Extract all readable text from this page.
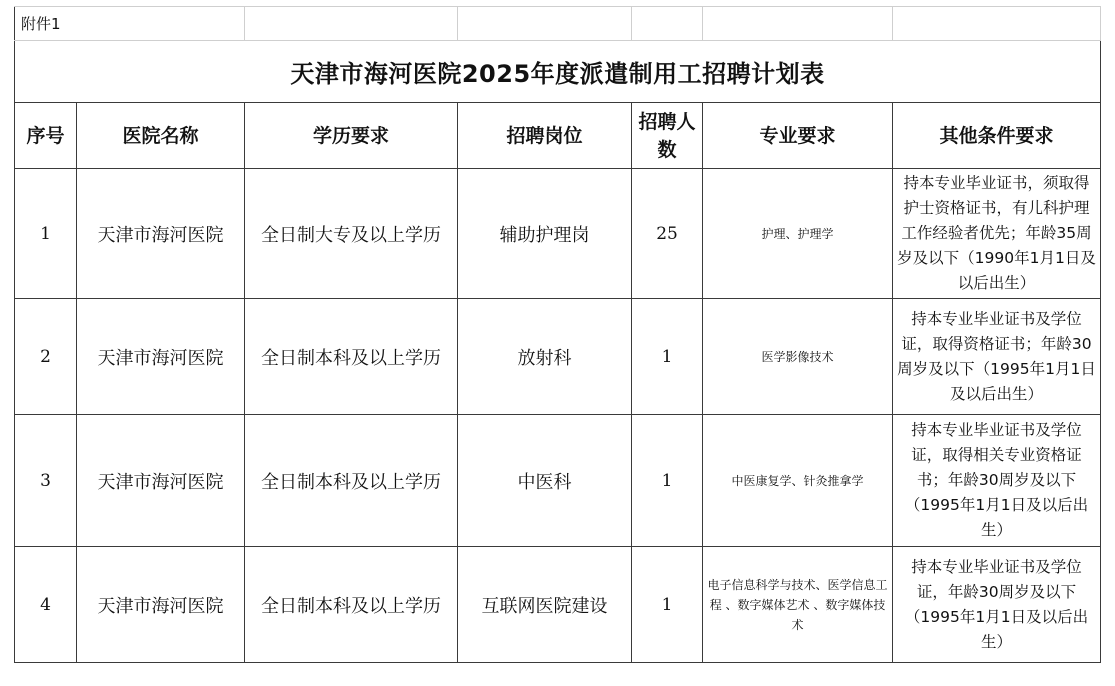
附件1						
天津市海河医院2025年度派遣制用工招聘计划表						
序号	医院名称	学历要求	招聘岗位	招聘人数	专业要求	其他条件要求
1	天津市海河医院	全日制大专及以上学历	辅助护理岗	25	护理、护理学	持本专业毕业证书，须取得护士资格证书，有儿科护理工作经验者优先；年龄35周岁及以下（1990年1月1日及以后出生）
2	天津市海河医院	全日制本科及以上学历	放射科	1	医学影像技术	持本专业毕业证书及学位证，取得资格证书；年龄30周岁及以下（1995年1月1日及以后出生）
3	天津市海河医院	全日制本科及以上学历	中医科	1	中医康复学、针灸推拿学	持本专业毕业证书及学位证，取得相关专业资格证书；年龄30周岁及以下（1995年1月1日及以后出生）
4	天津市海河医院	全日制本科及以上学历	互联网医院建设	1	电子信息科学与技术、医学信息工程 、数字媒体艺术 、数字媒体技术	持本专业毕业证书及学位证，年龄30周岁及以下（1995年1月1日及以后出生）
